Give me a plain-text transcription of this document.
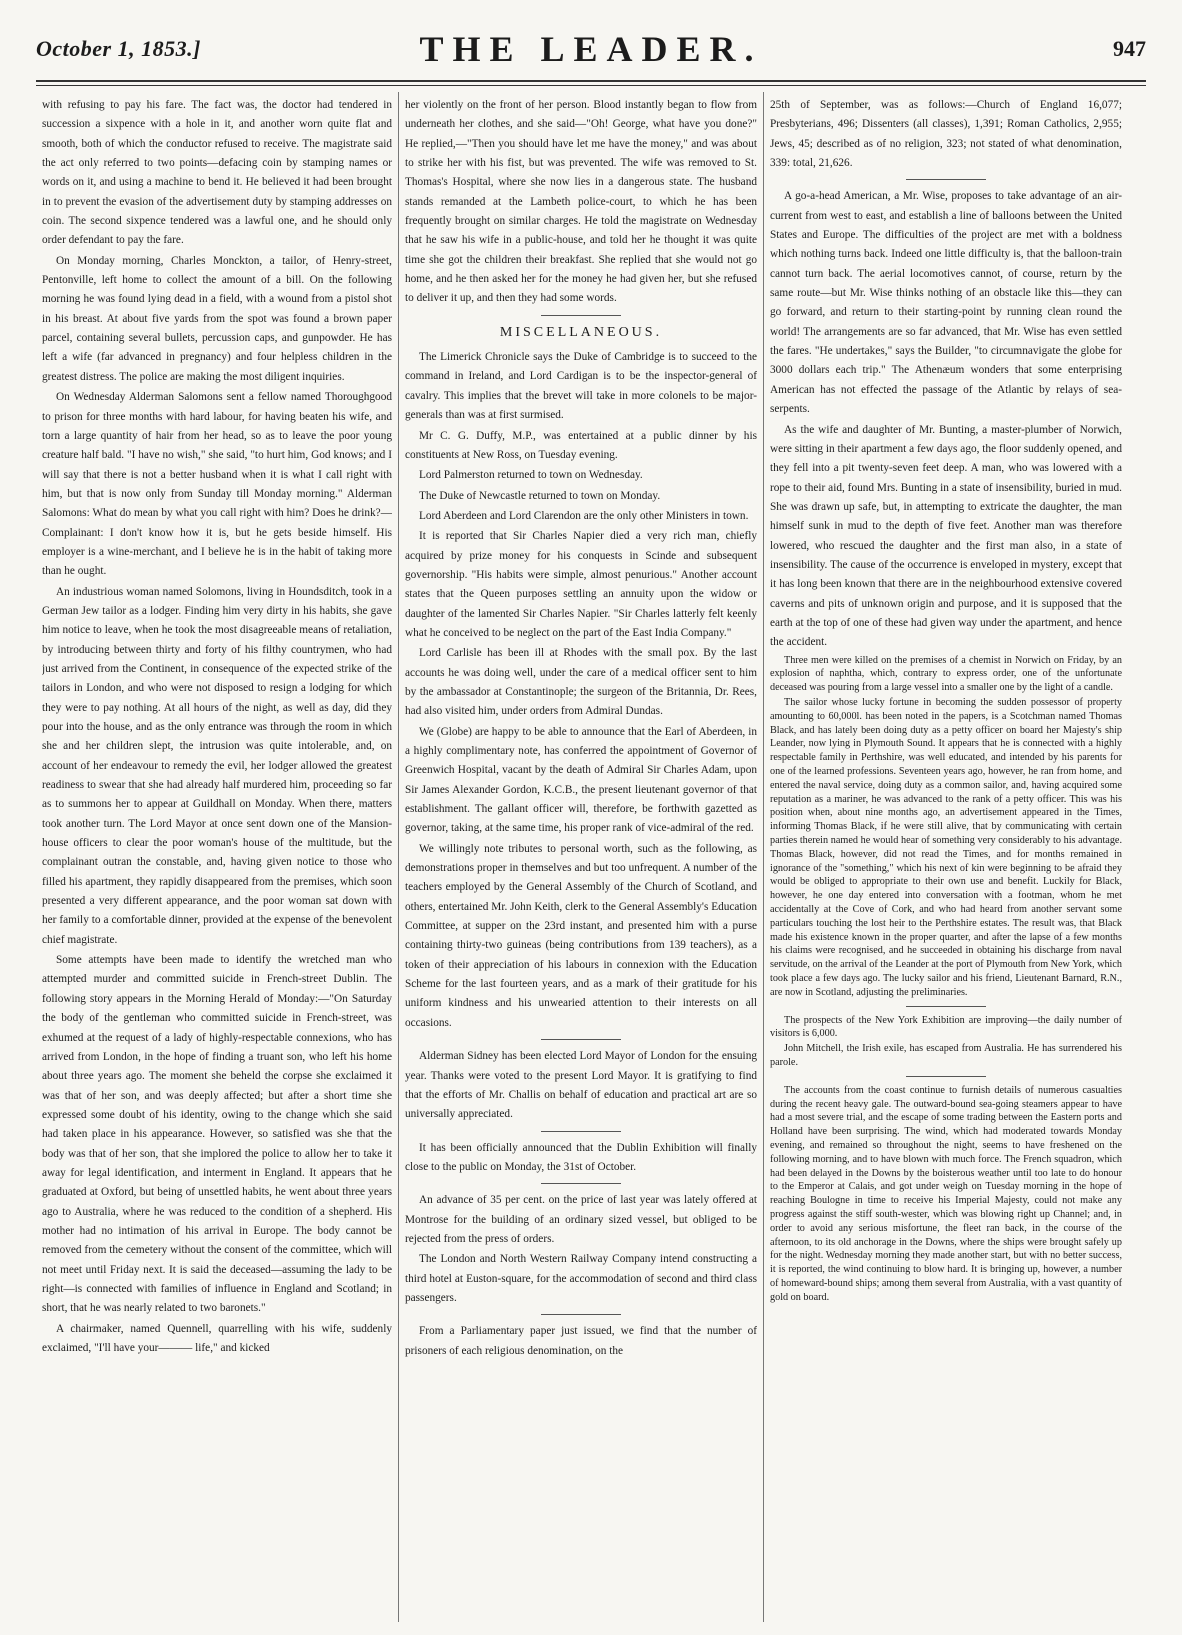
October 1, 1853.]	THE LEADER.	947

with refusing to pay his fare. The fact was, the doctor had tendered in succession a sixpence with a hole in it, and another worn quite flat and smooth, both of which the conductor refused to receive. The magistrate said the act only referred to two points—defacing coin by stamping names or words on it, and using a machine to bend it. He believed it had been brought in to prevent the evasion of the advertisement duty by stamping addresses on coin. The second sixpence tendered was a lawful one, and he should only order defendant to pay the fare.

On Monday morning, Charles Monckton, a tailor, of Henry-street, Pentonville, left home to collect the amount of a bill. On the following morning he was found lying dead in a field, with a wound from a pistol shot in his breast. At about five yards from the spot was found a brown paper parcel, containing several bullets, percussion caps, and gunpowder. He has left a wife (far advanced in pregnancy) and four helpless children in the greatest distress. The police are making the most diligent inquiries.

On Wednesday Alderman Salomons sent a fellow named Thoroughgood to prison for three months with hard labour, for having beaten his wife, and torn a large quantity of hair from her head, so as to leave the poor young creature half bald. "I have no wish," she said, "to hurt him, God knows; and I will say that there is not a better husband when it is what I call right with him, but that is now only from Sunday till Monday morning." Alderman Salomons: What do mean by what you call right with him? Does he drink?—Complainant: I don't know how it is, but he gets beside himself. His employer is a wine-merchant, and I believe he is in the habit of taking more than he ought.

An industrious woman named Solomons, living in Houndsditch, took in a German Jew tailor as a lodger. Finding him very dirty in his habits, she gave him notice to leave, when he took the most disagreeable means of retaliation, by introducing between thirty and forty of his filthy countrymen, who had just arrived from the Continent, in consequence of the expected strike of the tailors in London, and who were not disposed to resign a lodging for which they were to pay nothing. At all hours of the night, as well as day, did they pour into the house, and as the only entrance was through the room in which she and her children slept, the intrusion was quite intolerable, and, on account of her endeavour to remedy the evil, her lodger allowed the greatest readiness to swear that she had already half murdered him, proceeding so far as to summons her to appear at Guildhall on Monday. When there, matters took another turn. The Lord Mayor at once sent down one of the Mansion-house officers to clear the poor woman's house of the multitude, but the complainant outran the constable, and, having given notice to those who filled his apartment, they rapidly disappeared from the premises, which soon presented a very different appearance, and the poor woman sat down with her family to a comfortable dinner, provided at the expense of the benevolent chief magistrate.

Some attempts have been made to identify the wretched man who attempted murder and committed suicide in French-street Dublin. The following story appears in the Morning Herald of Monday:—"On Saturday the body of the gentleman who committed suicide in French-street, was exhumed at the request of a lady of highly-respectable connexions, who has arrived from London, in the hope of finding a truant son, who left his home about three years ago. The moment she beheld the corpse she exclaimed it was that of her son, and was deeply affected; but after a short time she expressed some doubt of his identity, owing to the change which she said had taken place in his appearance. However, so satisfied was she that the body was that of her son, that she implored the police to allow her to take it away for legal identification, and interment in England. It appears that he graduated at Oxford, but being of unsettled habits, he went about three years ago to Australia, where he was reduced to the condition of a shepherd. His mother had no intimation of his arrival in Europe. The body cannot be removed from the cemetery without the consent of the committee, which will not meet until Friday next. It is said the deceased—assuming the lady to be right—is connected with families of influence in England and Scotland; in short, that he was nearly related to two baronets."

A chairmaker, named Quennell, quarrelling with his wife, suddenly exclaimed, "I'll have your——— life," and kicked

her violently on the front of her person. Blood instantly began to flow from underneath her clothes, and she said—"Oh! George, what have you done?" He replied,—"Then you should have let me have the money," and was about to strike her with his fist, but was prevented. The wife was removed to St. Thomas's Hospital, where she now lies in a dangerous state. The husband stands remanded at the Lambeth police-court, to which he has been frequently brought on similar charges. He told the magistrate on Wednesday that he saw his wife in a public-house, and told her he thought it was quite time she got the children their breakfast. She replied that she would not go home, and he then asked her for the money he had given her, but she refused to deliver it up, and then they had some words.

MISCELLANEOUS.

The Limerick Chronicle says the Duke of Cambridge is to succeed to the command in Ireland, and Lord Cardigan is to be the inspector-general of cavalry. This implies that the brevet will take in more colonels to be major-generals than was at first surmised.

Mr C. G. Duffy, M.P., was entertained at a public dinner by his constituents at New Ross, on Tuesday evening.

Lord Palmerston returned to town on Wednesday.

The Duke of Newcastle returned to town on Monday.

Lord Aberdeen and Lord Clarendon are the only other Ministers in town.

It is reported that Sir Charles Napier died a very rich man, chiefly acquired by prize money for his conquests in Scinde and subsequent governorship. "His habits were simple, almost penurious." Another account states that the Queen purposes settling an annuity upon the widow or daughter of the lamented Sir Charles Napier. "Sir Charles latterly felt keenly what he conceived to be neglect on the part of the East India Company."

Lord Carlisle has been ill at Rhodes with the small pox. By the last accounts he was doing well, under the care of a medical officer sent to him by the ambassador at Constantinople; the surgeon of the Britannia, Dr. Rees, had also visited him, under orders from Admiral Dundas.

We (Globe) are happy to be able to announce that the Earl of Aberdeen, in a highly complimentary note, has conferred the appointment of Governor of Greenwich Hospital, vacant by the death of Admiral Sir Charles Adam, upon Sir James Alexander Gordon, K.C.B., the present lieutenant governor of that establishment. The gallant officer will, therefore, be forthwith gazetted as governor, taking, at the same time, his proper rank of vice-admiral of the red.

We willingly note tributes to personal worth, such as the following, as demonstrations proper in themselves and but too unfrequent. A number of the teachers employed by the General Assembly of the Church of Scotland, and others, entertained Mr. John Keith, clerk to the General Assembly's Education Committee, at supper on the 23rd instant, and presented him with a purse containing thirty-two guineas (being contributions from 139 teachers), as a token of their appreciation of his labours in connexion with the Education Scheme for the last fourteen years, and as a mark of their gratitude for his uniform kindness and his unwearied attention to their interests on all occasions.

Alderman Sidney has been elected Lord Mayor of London for the ensuing year. Thanks were voted to the present Lord Mayor. It is gratifying to find that the efforts of Mr. Challis on behalf of education and practical art are so universally appreciated.

It has been officially announced that the Dublin Exhibition will finally close to the public on Monday, the 31st of October.

An advance of 35 per cent. on the price of last year was lately offered at Montrose for the building of an ordinary sized vessel, but obliged to be rejected from the press of orders.

The London and North Western Railway Company intend constructing a third hotel at Euston-square, for the accommodation of second and third class passengers.

From a Parliamentary paper just issued, we find that the number of prisoners of each religious denomination, on the

25th of September, was as follows:—Church of England 16,077; Presbyterians, 496; Dissenters (all classes), 1,391; Roman Catholics, 2,955; Jews, 45; described as of no religion, 323; not stated of what denomination, 339: total, 21,626.

A go-a-head American, a Mr. Wise, proposes to take advantage of an air-current from west to east, and establish a line of balloons between the United States and Europe. The difficulties of the project are met with a boldness which nothing turns back. Indeed one little difficulty is, that the balloon-train cannot turn back. The aerial locomotives cannot, of course, return by the same route—but Mr. Wise thinks nothing of an obstacle like this—they can go forward, and return to their starting-point by running clean round the world! The arrangements are so far advanced, that Mr. Wise has even settled the fares. "He undertakes," says the Builder, "to circumnavigate the globe for 3000 dollars each trip." The Athenæum wonders that some enterprising American has not effected the passage of the Atlantic by relays of sea-serpents.

As the wife and daughter of Mr. Bunting, a master-plumber of Norwich, were sitting in their apartment a few days ago, the floor suddenly opened, and they fell into a pit twenty-seven feet deep. A man, who was lowered with a rope to their aid, found Mrs. Bunting in a state of insensibility, buried in mud. She was drawn up safe, but, in attempting to extricate the daughter, the man himself sunk in mud to the depth of five feet. Another man was therefore lowered, who rescued the daughter and the first man also, in a state of insensibility. The cause of the occurrence is enveloped in mystery, except that it has long been known that there are in the neighbourhood extensive covered caverns and pits of unknown origin and purpose, and it is supposed that the earth at the top of one of these had given way under the apartment, and hence the accident.

Three men were killed on the premises of a chemist in Norwich on Friday, by an explosion of naphtha, which, contrary to express order, one of the unfortunate deceased was pouring from a large vessel into a smaller one by the light of a candle.

The sailor whose lucky fortune in becoming the sudden possessor of property amounting to 60,000l. has been noted in the papers, is a Scotchman named Thomas Black, and has lately been doing duty as a petty officer on board her Majesty's ship Leander, now lying in Plymouth Sound. It appears that he is connected with a highly respectable family in Perthshire, was well educated, and intended by his parents for one of the learned professions. Seventeen years ago, however, he ran from home, and entered the naval service, doing duty as a common sailor, and, having acquired some reputation as a mariner, he was advanced to the rank of a petty officer. This was his position when, about nine months ago, an advertisement appeared in the Times, informing Thomas Black, if he were still alive, that by communicating with certain parties therein named he would hear of something very considerably to his advantage. Thomas Black, however, did not read the Times, and for months remained in ignorance of the "something," which his next of kin were beginning to be afraid they would be obliged to appropriate to their own use and benefit. Luckily for Black, however, he one day entered into conversation with a footman, whom he met accidentally at the Cove of Cork, and who had heard from another servant some particulars touching the lost heir to the Perthshire estates. The result was, that Black made his existence known in the proper quarter, and after the lapse of a few months his claims were recognised, and he succeeded in obtaining his discharge from naval servitude, on the arrival of the Leander at the port of Plymouth from New York, which took place a few days ago. The lucky sailor and his friend, Lieutenant Barnard, R.N., are now in Scotland, adjusting the preliminaries.

The prospects of the New York Exhibition are improving—the daily number of visitors is 6,000.

John Mitchell, the Irish exile, has escaped from Australia. He has surrendered his parole.

The accounts from the coast continue to furnish details of numerous casualties during the recent heavy gale. The outward-bound sea-going steamers appear to have had a most severe trial, and the escape of some trading between the Eastern ports and Holland have been surprising. The wind, which had moderated towards Monday evening, and remained so throughout the night, seems to have freshened on the following morning, and to have blown with much force. The French squadron, which had been delayed in the Downs by the boisterous weather until too late to do honour to the Emperor at Calais, and got under weigh on Tuesday morning in the hope of reaching Boulogne in time to receive his Imperial Majesty, could not make any progress against the stiff south-wester, which was blowing right up Channel; and, in order to avoid any serious misfortune, the fleet ran back, in the course of the afternoon, to its old anchorage in the Downs, where the ships were brought safely up for the night. Wednesday morning they made another start, but with no better success, it is reported, the wind continuing to blow hard. It is bringing up, however, a number of homeward-bound ships; among them several from Australia, with a vast quantity of gold on board.
